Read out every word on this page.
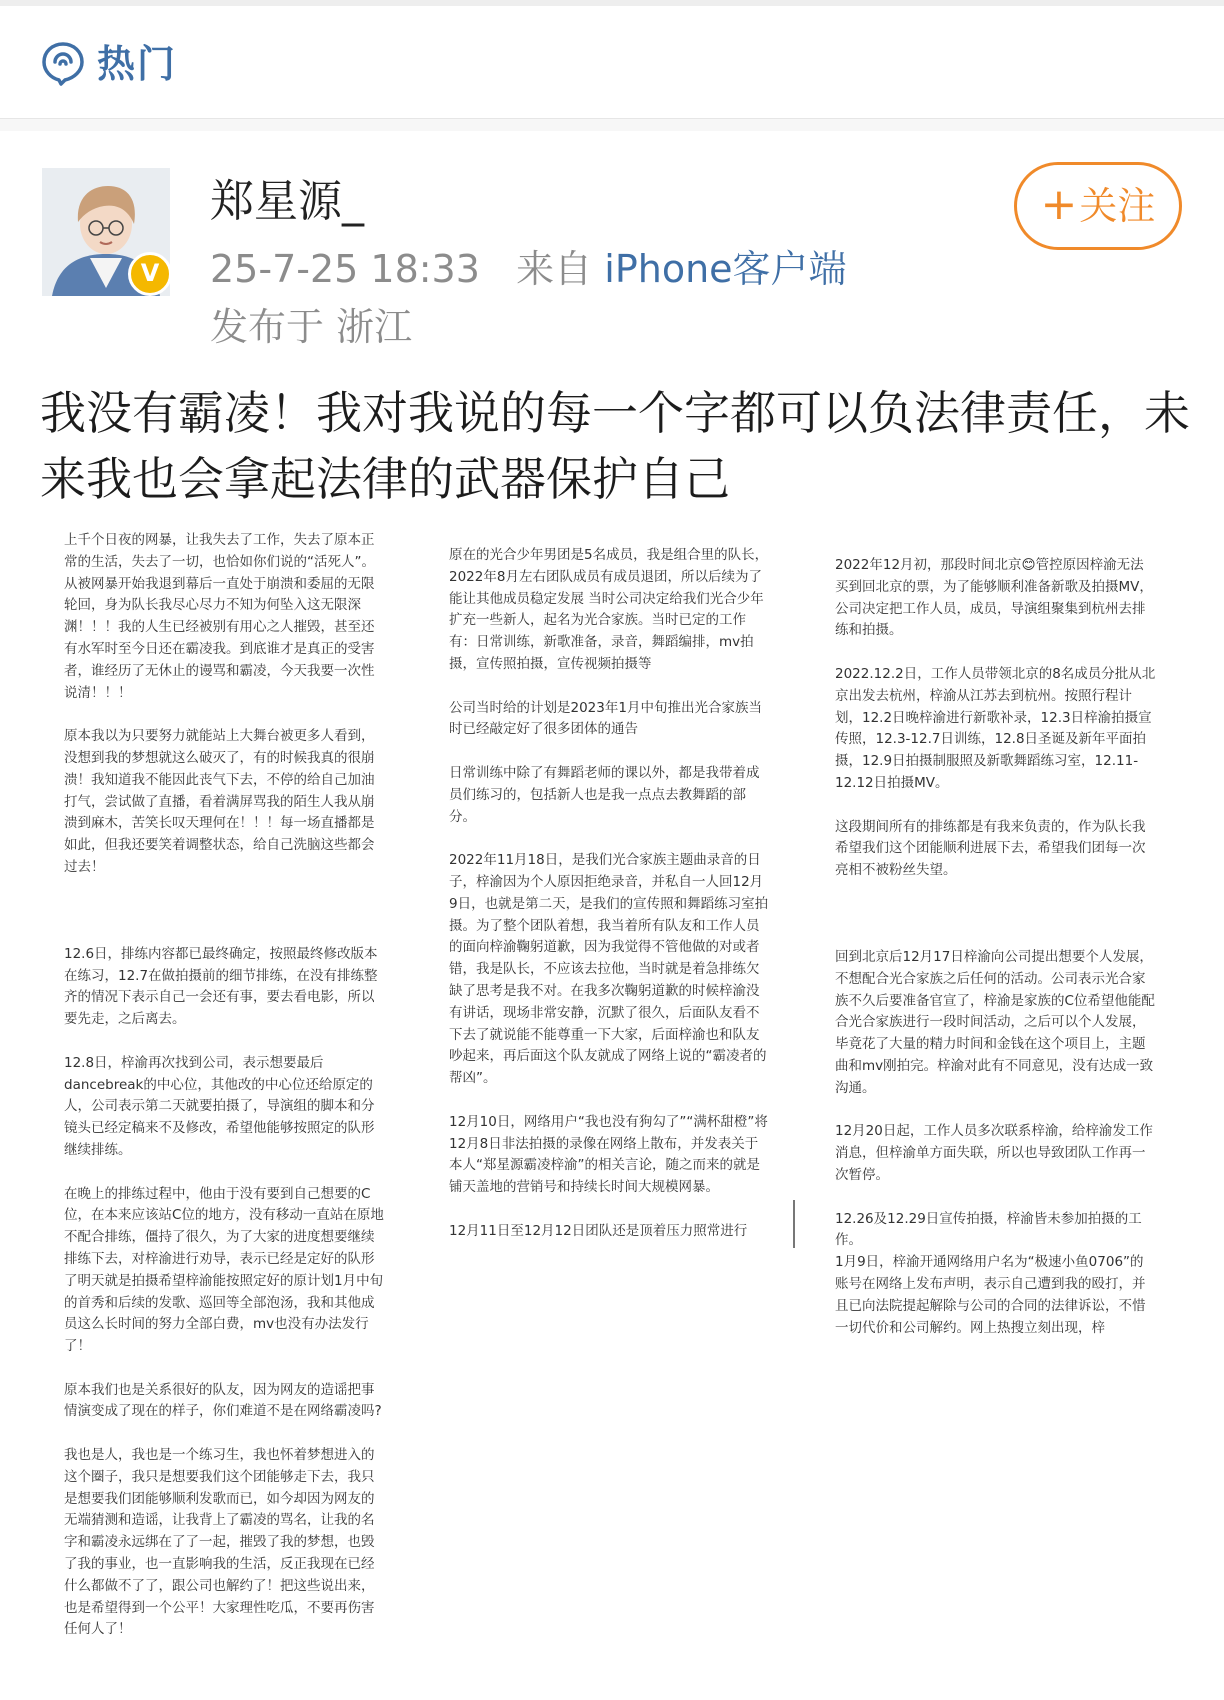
热门
V
郑星源_
25-7-25 18:33 来自 iPhone客户端
发布于 浙江
+关注
我没有霸凌！我对我说的每一个字都可以负法律责任，未来我也会拿起法律的武器保护自己

上千个日夜的网暴，让我失去了工作，失去了原本正常的生活，失去了一切，也恰如你们说的“活死人”。从被网暴开始我退到幕后一直处于崩溃和委屈的无限轮回，身为队长我尽心尽力不知为何坠入这无限深渊！！！我的人生已经被别有用心之人摧毁，甚至还有水军时至今日还在霸凌我。到底谁才是真正的受害者，谁经历了无休止的谩骂和霸凌，今天我要一次性说清！！！

原本我以为只要努力就能站上大舞台被更多人看到，没想到我的梦想就这么破灭了，有的时候我真的很崩溃！我知道我不能因此丧气下去，不停的给自己加油打气，尝试做了直播，看着满屏骂我的陌生人我从崩溃到麻木，苦笑长叹天理何在！！！每一场直播都是如此，但我还要笑着调整状态，给自己洗脑这些都会过去！

12.6日，排练内容都已最终确定，按照最终修改版本在练习，12.7在做拍摄前的细节排练，在没有排练整齐的情况下表示自己一会还有事，要去看电影，所以要先走，之后离去。

12.8日，梓渝再次找到公司，表示想要最后dancebreak的中心位，其他改的中心位还给原定的人，公司表示第二天就要拍摄了，导演组的脚本和分镜头已经定稿来不及修改，希望他能够按照定的队形继续排练。

在晚上的排练过程中，他由于没有要到自己想要的C位，在本来应该站C位的地方，没有移动一直站在原地不配合排练，僵持了很久，为了大家的进度想要继续排练下去，对梓渝进行劝导，表示已经是定好的队形了明天就是拍摄希望梓渝能按照定好的原计划1月中旬的首秀和后续的发歌、巡回等全部泡汤，我和其他成员这么长时间的努力全部白费，mv也没有办法发行了！

原本我们也是关系很好的队友，因为网友的造谣把事情演变成了现在的样子，你们难道不是在网络霸凌吗?

我也是人，我也是一个练习生，我也怀着梦想进入的这个圈子，我只是想要我们这个团能够走下去，我只是想要我们团能够顺利发歌而已，如今却因为网友的无端猜测和造谣，让我背上了霸凌的骂名，让我的名字和霸凌永远绑在了了一起，摧毁了我的梦想，也毁了我的事业，也一直影响我的生活，反正我现在已经什么都做不了了，跟公司也解约了！把这些说出来，也是希望得到一个公平！大家理性吃瓜，不要再伤害任何人了！

原在的光合少年男团是5名成员，我是组合里的队长，2022年8月左右团队成员有成员退团，所以后续为了能让其他成员稳定发展 当时公司决定给我们光合少年扩充一些新人，起名为光合家族。当时已定的工作有：日常训练，新歌准备，录音，舞蹈编排，mv拍摄，宣传照拍摄，宣传视频拍摄等

公司当时给的计划是2023年1月中旬推出光合家族当时已经敲定好了很多团体的通告

日常训练中除了有舞蹈老师的课以外，都是我带着成员们练习的，包括新人也是我一点点去教舞蹈的部分。

2022年11月18日，是我们光合家族主题曲录音的日子，梓渝因为个人原因拒绝录音，并私自一人回12月9日，也就是第二天，是我们的宣传照和舞蹈练习室拍摄。为了整个团队着想，我当着所有队友和工作人员的面向梓渝鞠躬道歉，因为我觉得不管他做的对或者错，我是队长，不应该去拉他，当时就是着急排练欠缺了思考是我不对。在我多次鞠躬道歉的时候梓渝没有讲话，现场非常安静，沉默了很久，后面队友看不下去了就说能不能尊重一下大家，后面梓渝也和队友吵起来，再后面这个队友就成了网络上说的“霸凌者的帮凶”。

12月10日，网络用户“我也没有狗勾了”“满杯甜橙”将12月8日非法拍摄的录像在网络上散布，并发表关于本人“郑星源霸凌梓渝”的相关言论，随之而来的就是铺天盖地的营销号和持续长时间大规模网暴。

12月11日至12月12日团队还是顶着压力照常进行

2022年12月初，那段时间北京😊管控原因梓渝无法买到回北京的票，为了能够顺利准备新歌及拍摄MV，公司决定把工作人员，成员，导演组聚集到杭州去排练和拍摄。

2022.12.2日，工作人员带领北京的8名成员分批从北京出发去杭州，梓渝从江苏去到杭州。按照行程计划，12.2日晚梓渝进行新歌补录，12.3日梓渝拍摄宣传照，12.3-12.7日训练，12.8日圣诞及新年平面拍摄，12.9日拍摄制服照及新歌舞蹈练习室，12.11-12.12日拍摄MV。

这段期间所有的排练都是有我来负责的，作为队长我希望我们这个团能顺利进展下去，希望我们团每一次亮相不被粉丝失望。

回到北京后12月17日梓渝向公司提出想要个人发展，不想配合光合家族之后任何的活动。公司表示光合家族不久后要准备官宣了，梓渝是家族的C位希望他能配合光合家族进行一段时间活动，之后可以个人发展，毕竟花了大量的精力时间和金钱在这个项目上，主题曲和mv刚拍完。梓渝对此有不同意见，没有达成一致沟通。

12月20日起，工作人员多次联系梓渝，给梓渝发工作消息，但梓渝单方面失联，所以也导致团队工作再一次暂停。

12.26及12.29日宣传拍摄，梓渝皆未参加拍摄的工作。

1月9日，梓渝开通网络用户名为“极速小鱼0706”的账号在网络上发布声明，表示自己遭到我的殴打，并且已向法院提起解除与公司的合同的法律诉讼，不惜一切代价和公司解约。网上热搜立刻出现，梓
